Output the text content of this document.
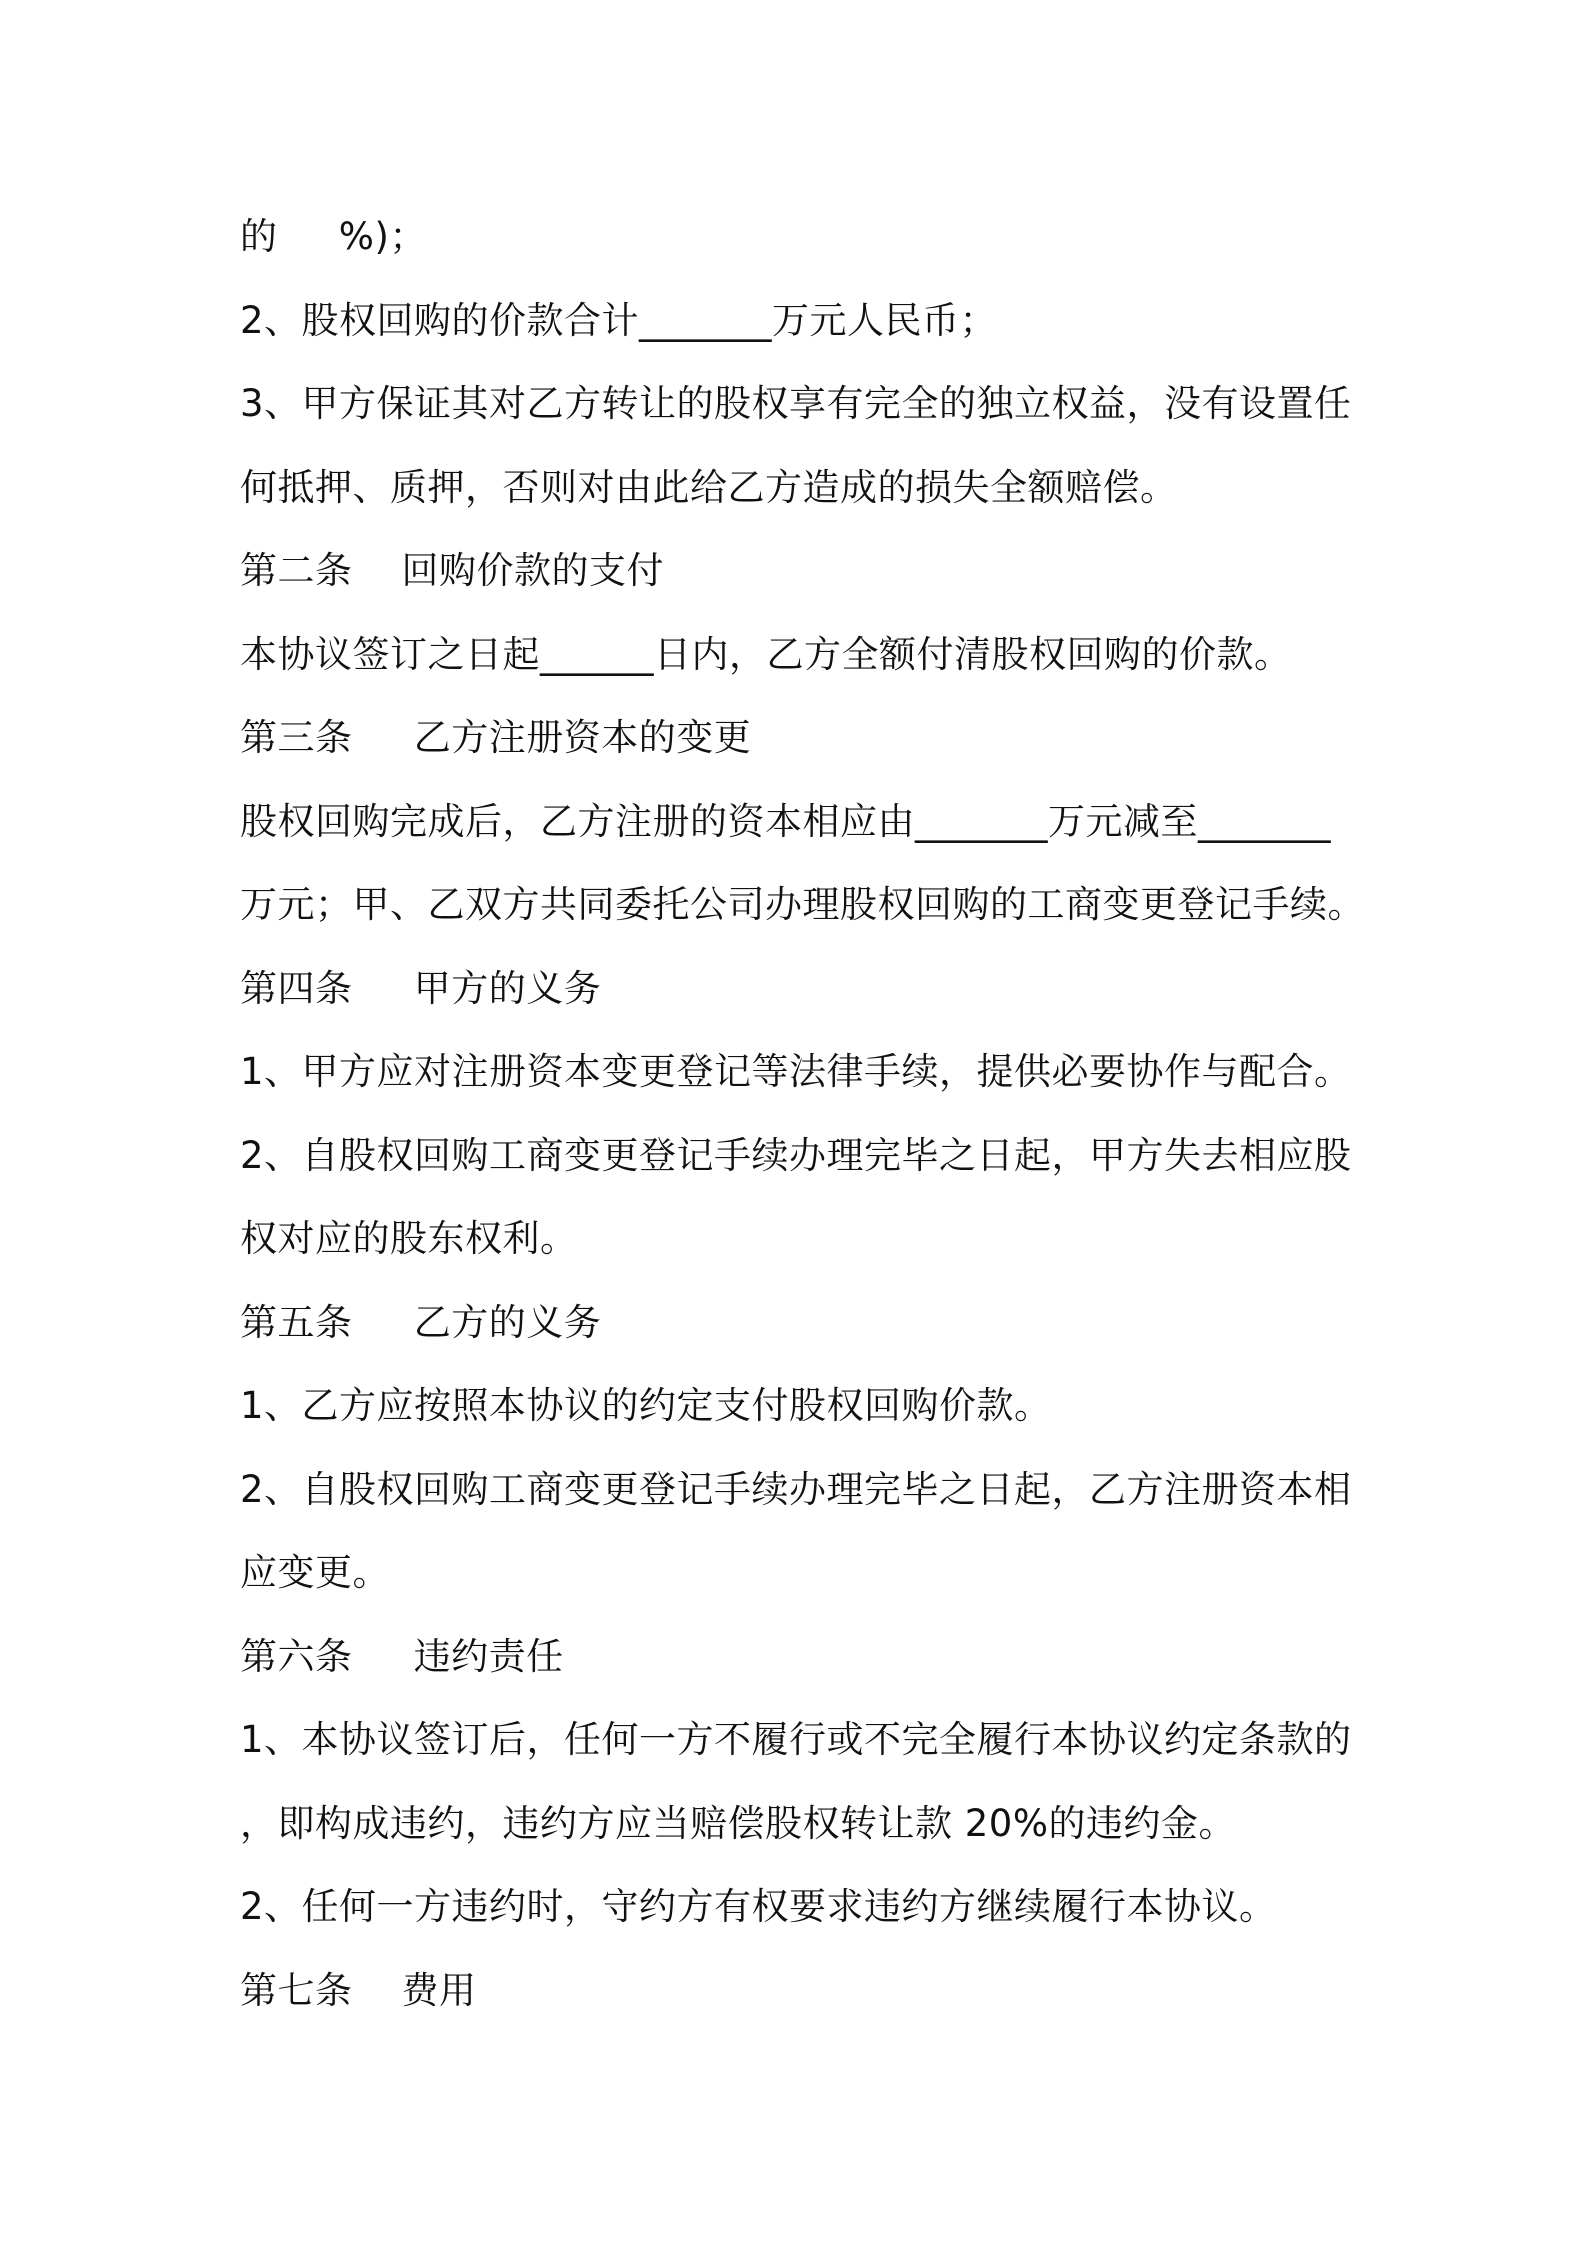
的     %)；
2、股权回购的价款合计_______万元人民币；
3、甲方保证其对乙方转让的股权享有完全的独立权益，没有设置任
何抵押、质押，否则对由此给乙方造成的损失全额赔偿。
第二条    回购价款的支付
本协议签订之日起______日内，乙方全额付清股权回购的价款。
第三条     乙方注册资本的变更
股权回购完成后，乙方注册的资本相应由_______万元减至_______
万元；甲、乙双方共同委托公司办理股权回购的工商变更登记手续。
第四条     甲方的义务
1、甲方应对注册资本变更登记等法律手续，提供必要协作与配合。
2、自股权回购工商变更登记手续办理完毕之日起，甲方失去相应股
权对应的股东权利。
第五条     乙方的义务
1、乙方应按照本协议的约定支付股权回购价款。
2、自股权回购工商变更登记手续办理完毕之日起，乙方注册资本相
应变更。
第六条     违约责任
1、本协议签订后，任何一方不履行或不完全履行本协议约定条款的
，即构成违约，违约方应当赔偿股权转让款 20%的违约金。
2、任何一方违约时，守约方有权要求违约方继续履行本协议。
第七条    费用
